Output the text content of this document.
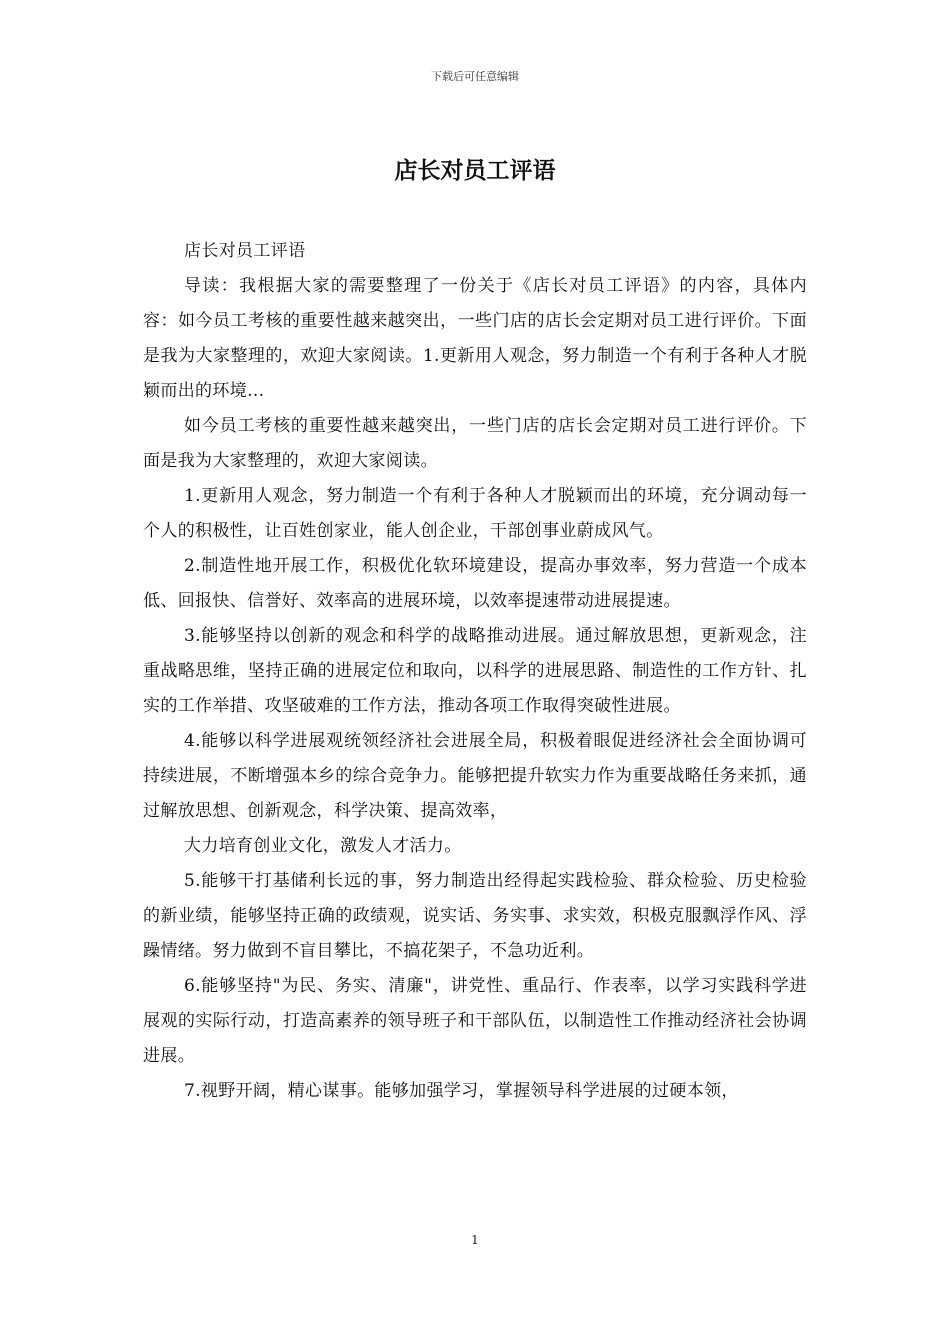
下载后可任意编辑
店长对员工评语

店长对员工评语

导读：我根据大家的需要整理了一份关于《店长对员工评语》的内容，具体内容：如今员工考核的重要性越来越突出，一些门店的店长会定期对员工进行评价。下面是我为大家整理的，欢迎大家阅读。1.更新用人观念，努力制造一个有利于各种人才脱颖而出的环境...

如今员工考核的重要性越来越突出，一些门店的店长会定期对员工进行评价。下面是我为大家整理的，欢迎大家阅读。

1.更新用人观念，努力制造一个有利于各种人才脱颖而出的环境，充分调动每一个人的积极性，让百姓创家业，能人创企业，干部创事业蔚成风气。

2.制造性地开展工作，积极优化软环境建设，提高办事效率，努力营造一个成本低、回报快、信誉好、效率高的进展环境，以效率提速带动进展提速。

3.能够坚持以创新的观念和科学的战略推动进展。通过解放思想，更新观念，注重战略思维，坚持正确的进展定位和取向，以科学的进展思路、制造性的工作方针、扎实的工作举措、攻坚破难的工作方法，推动各项工作取得突破性进展。

4.能够以科学进展观统领经济社会进展全局，积极着眼促进经济社会全面协调可持续进展，不断增强本乡的综合竞争力。能够把提升软实力作为重要战略任务来抓，通过解放思想、创新观念，科学决策、提高效率，

大力培育创业文化，激发人才活力。

5.能够干打基储利长远的事，努力制造出经得起实践检验、群众检验、历史检验的新业绩，能够坚持正确的政绩观，说实话、务实事、求实效，积极克服飘浮作风、浮躁情绪。努力做到不盲目攀比，不搞花架子，不急功近利。

6.能够坚持"为民、务实、清廉"，讲党性、重品行、作表率，以学习实践科学进展观的实际行动，打造高素养的领导班子和干部队伍，以制造性工作推动经济社会协调进展。

7.视野开阔，精心谋事。能够加强学习，掌握领导科学进展的过硬本领，

1
